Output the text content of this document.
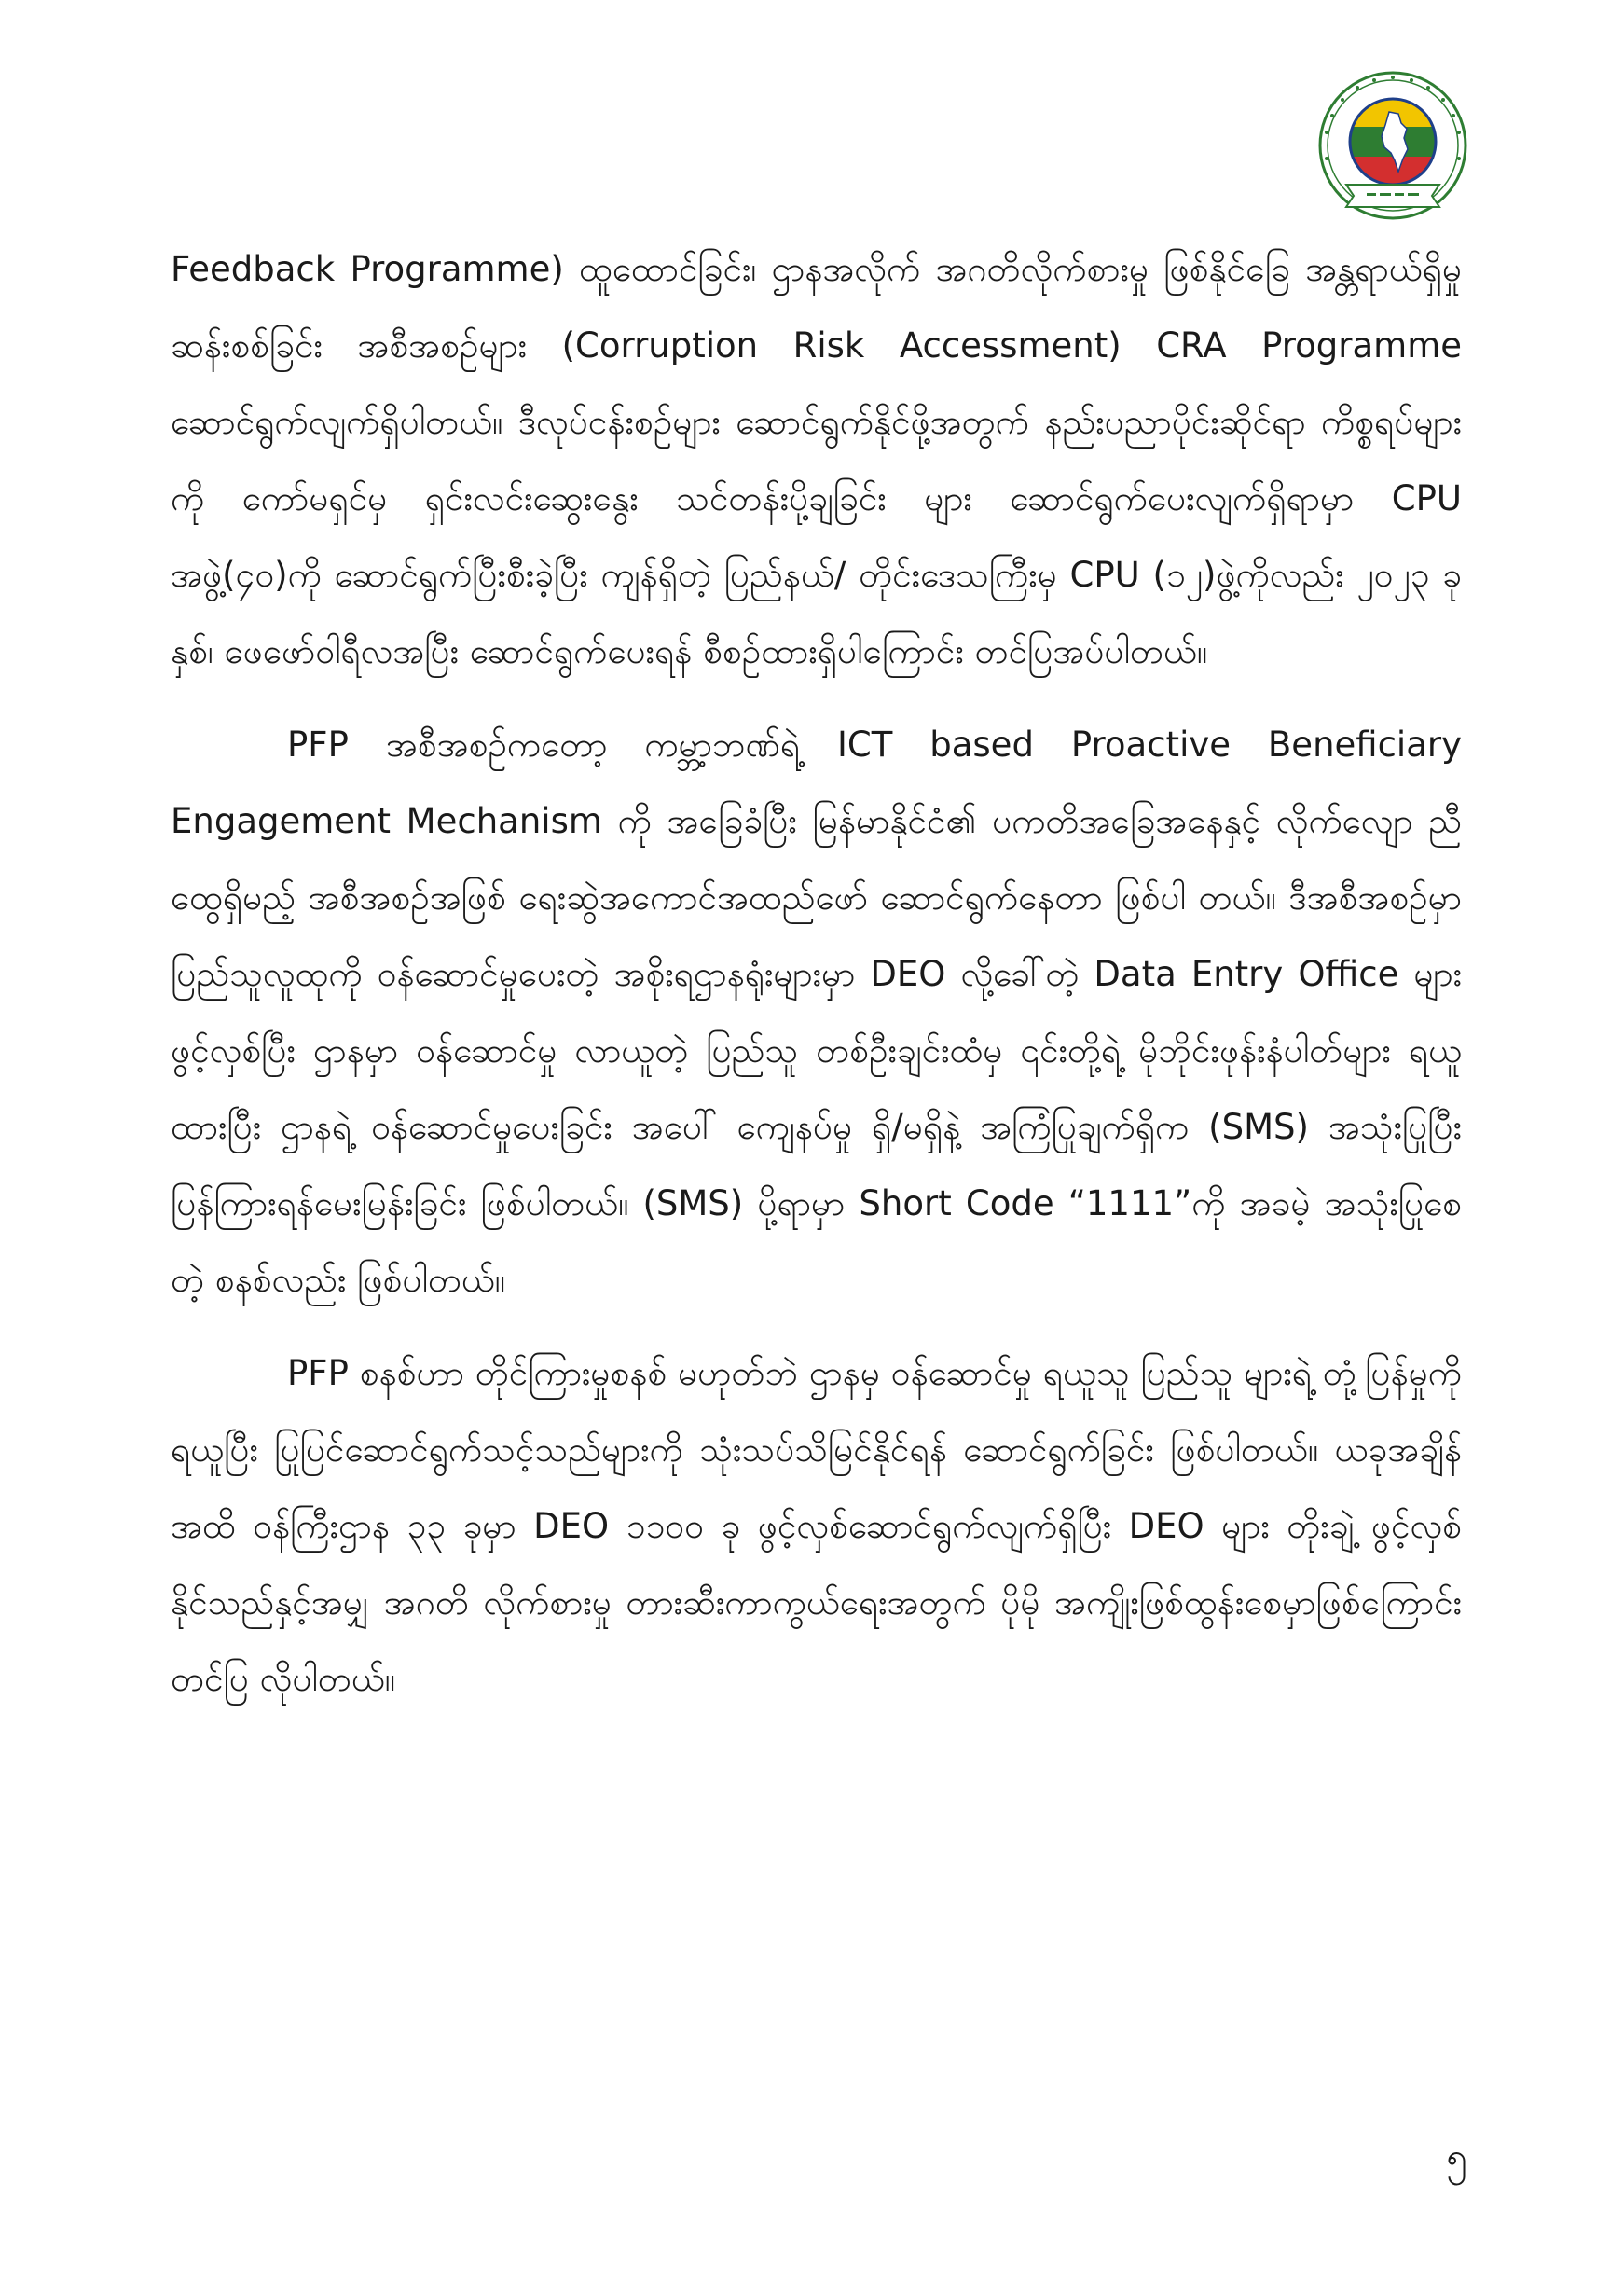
Feedback Programme) ထူထောင်ခြင်း၊ ဌာနအလိုက် အဂတိလိုက်စားမှု ဖြစ်နိုင်ခြေ အန္တရာယ်ရှိမှု ဆန်းစစ်ခြင်း အစီအစဉ်များ (Corruption Risk Accessment) CRA Programme ဆောင်ရွက်လျက်ရှိပါတယ်။ ဒီလုပ်ငန်းစဉ်များ ဆောင်ရွက်နိုင်ဖို့အတွက် နည်းပညာပိုင်းဆိုင်ရာ ကိစ္စရပ်များကို ကော်မရှင်မှ ရှင်းလင်းဆွေးနွေး သင်တန်းပို့ချခြင်း များ ဆောင်ရွက်ပေးလျက်ရှိရာမှာ CPU အဖွဲ့(၄၀)ကို ဆောင်ရွက်ပြီးစီးခဲ့ပြီး ကျန်ရှိတဲ့ ပြည်နယ်/ တိုင်းဒေသကြီးမှ CPU (၁၂)ဖွဲ့ကိုလည်း ၂၀၂၃ ခုနှစ်၊ ဖေဖော်ဝါရီလအပြီး ဆောင်ရွက်ပေးရန် စီစဉ်ထားရှိပါကြောင်း တင်ပြအပ်ပါတယ်။

PFP အစီအစဉ်ကတော့ ကမ္ဘာ့ဘဏ်ရဲ့ ICT based Proactive Beneficiary Engagement Mechanism ကို အခြေခံပြီး မြန်မာနိုင်ငံ၏ ပကတိအခြေအနေနှင့် လိုက်လျော ညီထွေရှိမည့် အစီအစဉ်အဖြစ် ရေးဆွဲအကောင်အထည်ဖော် ဆောင်ရွက်နေတာ ဖြစ်ပါ တယ်။ ဒီအစီအစဉ်မှာ ပြည်သူလူထုကို ဝန်ဆောင်မှုပေးတဲ့ အစိုးရဌာနရုံးများမှာ DEO လို့ခေါ်တဲ့ Data Entry Office များ ဖွင့်လှစ်ပြီး ဌာနမှာ ဝန်ဆောင်မှု လာယူတဲ့ ပြည်သူ တစ်ဦးချင်းထံမှ ၎င်းတို့ရဲ့ မိုဘိုင်းဖုန်းနံပါတ်များ ရယူထားပြီး ဌာနရဲ့ ဝန်ဆောင်မှုပေးခြင်း အပေါ် ကျေနပ်မှု ရှိ/မရှိနဲ့ အကြံပြုချက်ရှိက (SMS) အသုံးပြုပြီး ပြန်ကြားရန်မေးမြန်းခြင်း ဖြစ်ပါတယ်။ (SMS) ပို့ရာမှာ Short Code “1111”ကို အခမဲ့ အသုံးပြုစေတဲ့ စနစ်လည်း ဖြစ်ပါတယ်။

PFP စနစ်ဟာ တိုင်ကြားမှုစနစ် မဟုတ်ဘဲ ဌာနမှ ဝန်ဆောင်မှု ရယူသူ ပြည်သူ များရဲ့ တုံ့ပြန်မှုကို ရယူပြီး ပြုပြင်ဆောင်ရွက်သင့်သည်များကို သုံးသပ်သိမြင်နိုင်ရန် ဆောင်ရွက်ခြင်း ဖြစ်ပါတယ်။ ယခုအချိန်အထိ ဝန်ကြီးဌာန ၃၃ ခုမှာ DEO ၁၁၀၀ ခု ဖွင့်လှစ်ဆောင်ရွက်လျက်ရှိပြီး DEO များ တိုးချဲ့ ဖွင့်လှစ်နိုင်သည်နှင့်အမျှ အဂတိ လိုက်စားမှု တားဆီးကာကွယ်ရေးအတွက် ပိုမို အကျိုးဖြစ်ထွန်းစေမှာဖြစ်ကြောင်း တင်ပြ လိုပါတယ်။

၅
